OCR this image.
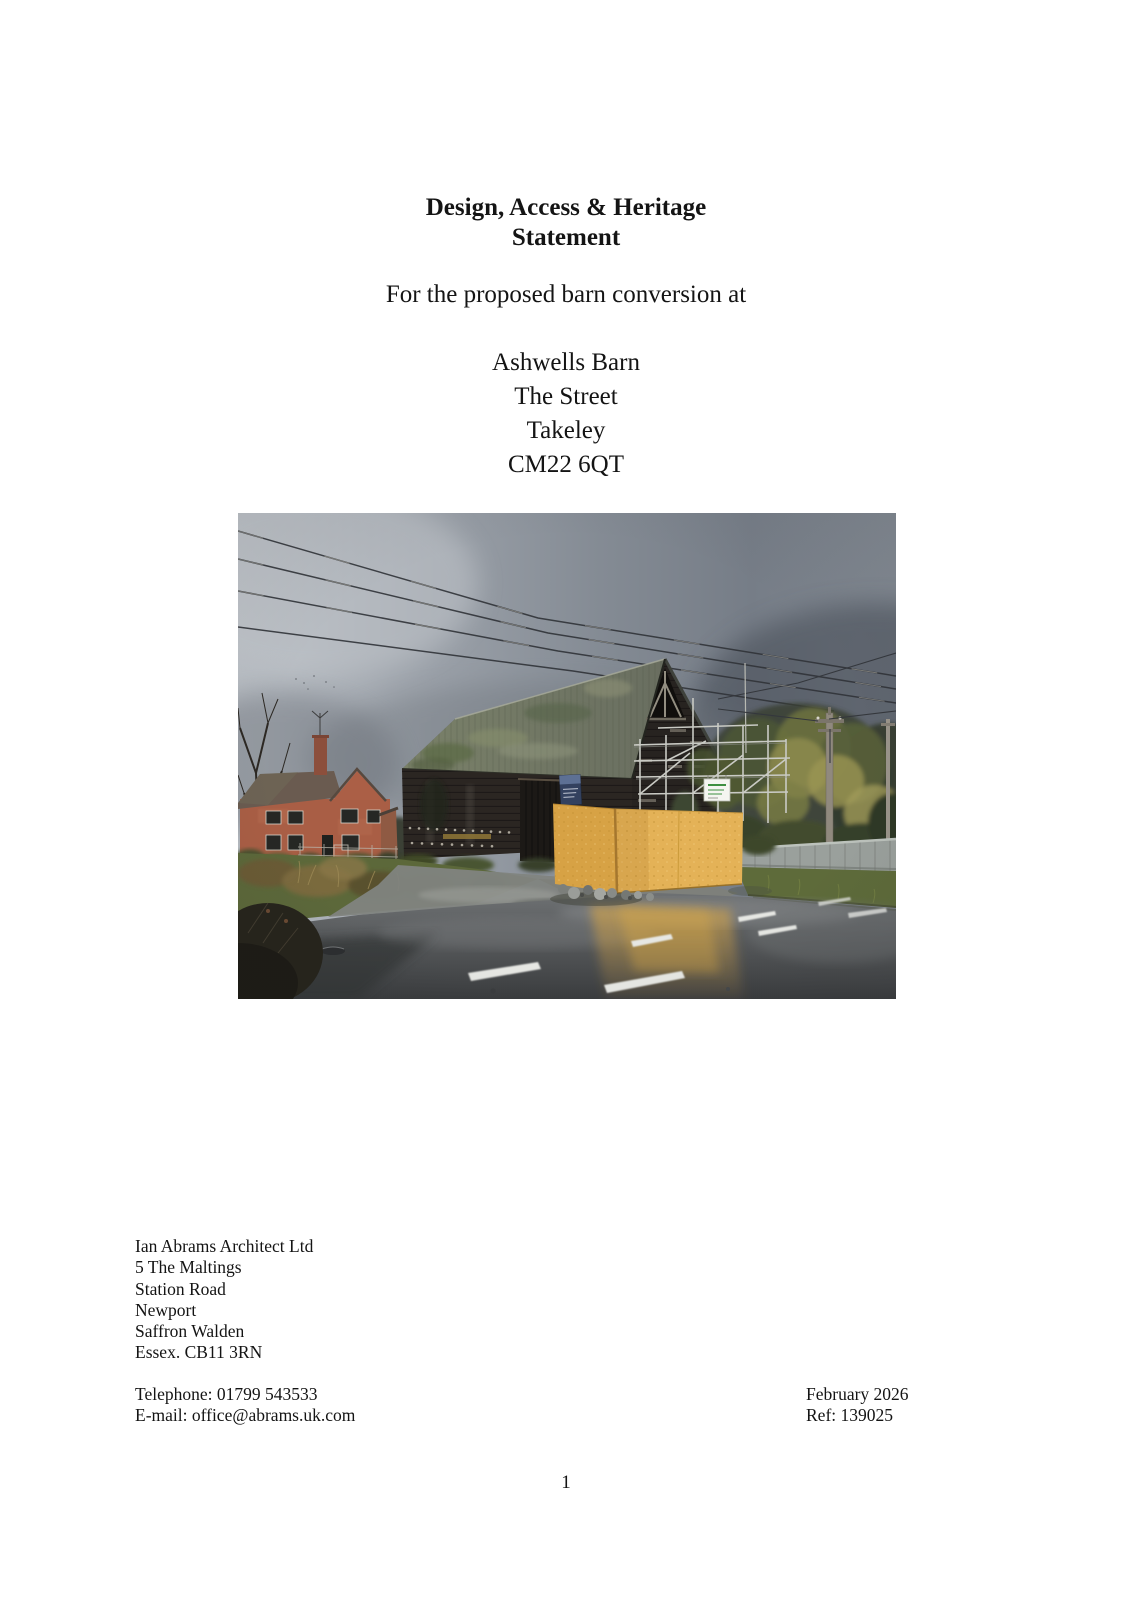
Design, Access & Heritage
Statement
For the proposed barn conversion at
Ashwells Barn
The Street
Takeley
CM22 6QT
Ian Abrams Architect Ltd
5 The Maltings
Station Road
Newport
Saffron Walden
Essex. CB11 3RN
Telephone: 01799 543533
E-mail: office@abrams.uk.com
February 2026
Ref: 139025
1
